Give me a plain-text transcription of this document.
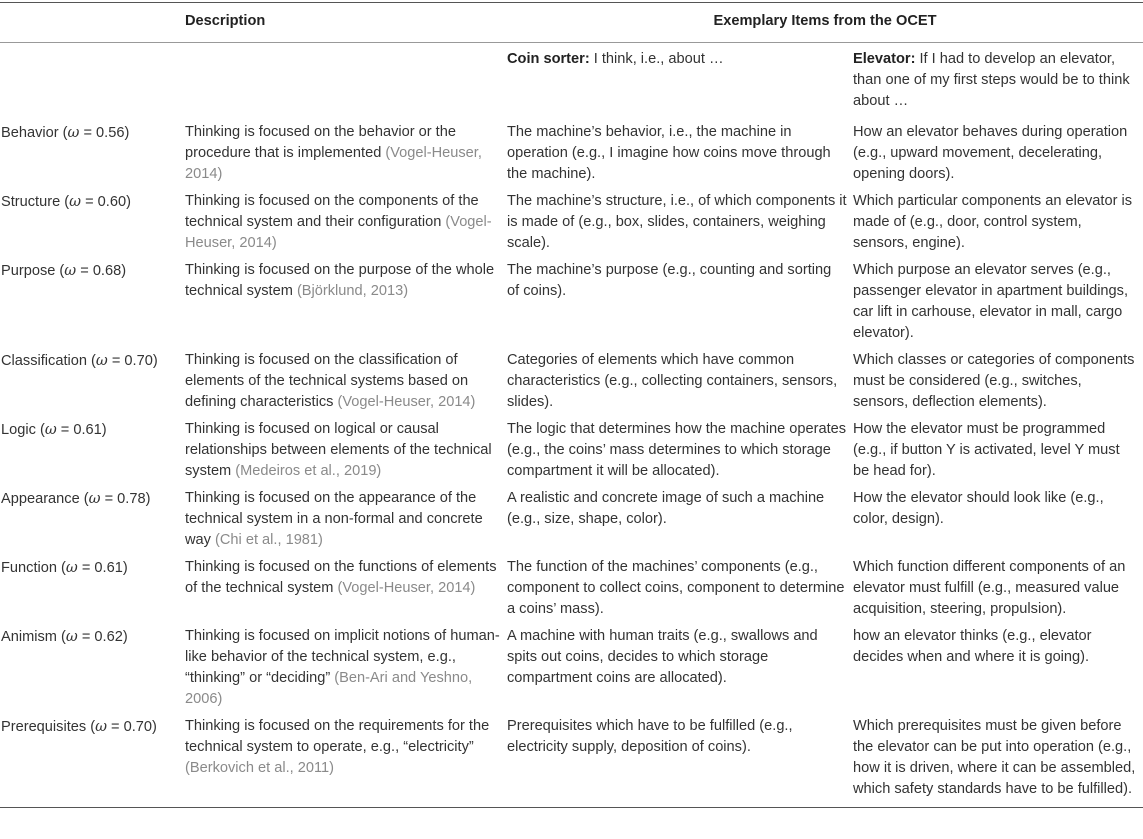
	Description	Exemplary Items from the OCET	
		Coin sorter: I think, i.e., about …	Elevator: If I had to develop an elevator, than one of my first steps would be to think about …
Behavior (ω = 0.56)	Thinking is focused on the behavior or the procedure that is implemented (Vogel-Heuser, 2014)	The machine’s behavior, i.e., the machine in operation (e.g., I imagine how coins move through the machine).	How an elevator behaves during operation (e.g., upward movement, decelerating, opening doors).
Structure (ω = 0.60)	Thinking is focused on the components of the technical system and their configuration (Vogel-Heuser, 2014)	The machine’s structure, i.e., of which components it is made of (e.g., box, slides, containers, weighing scale).	Which particular components an elevator is made of (e.g., door, control system, sensors, engine).
Purpose (ω = 0.68)	Thinking is focused on the purpose of the whole technical system (Björklund, 2013)	The machine’s purpose (e.g., counting and sorting of coins).	Which purpose an elevator serves (e.g., passenger elevator in apartment buildings, car lift in carhouse, elevator in mall, cargo elevator).
Classification (ω = 0.70)	Thinking is focused on the classification of elements of the technical systems based on defining characteristics (Vogel-Heuser, 2014)	Categories of elements which have common characteristics (e.g., collecting containers, sensors, slides).	Which classes or categories of components must be considered (e.g., switches, sensors, deflection elements).
Logic (ω = 0.61)	Thinking is focused on logical or causal relationships between elements of the technical system (Medeiros et al., 2019)	The logic that determines how the machine operates (e.g., the coins’ mass determines to which storage compartment it will be allocated).	How the elevator must be programmed (e.g., if button Y is activated, level Y must be head for).
Appearance (ω = 0.78)	Thinking is focused on the appearance of the technical system in a non-formal and concrete way (Chi et al., 1981)	A realistic and concrete image of such a machine (e.g., size, shape, color).	How the elevator should look like (e.g., color, design).
Function (ω = 0.61)	Thinking is focused on the functions of elements of the technical system (Vogel-Heuser, 2014)	The function of the machines’ components (e.g., component to collect coins, component to determine a coins’ mass).	Which function different components of an elevator must fulfill (e.g., measured value acquisition, steering, propulsion).
Animism (ω = 0.62)	Thinking is focused on implicit notions of human-like behavior of the technical system, e.g., “thinking” or “deciding” (Ben-Ari and Yeshno, 2006)	A machine with human traits (e.g., swallows and spits out coins, decides to which storage compartment coins are allocated).	how an elevator thinks (e.g., elevator decides when and where it is going).
Prerequisites (ω = 0.70)	Thinking is focused on the requirements for the technical system to operate, e.g., “electricity” (Berkovich et al., 2011)	Prerequisites which have to be fulfilled (e.g., electricity supply, deposition of coins).	Which prerequisites must be given before the elevator can be put into operation (e.g., how it is driven, where it can be assembled, which safety standards have to be fulfilled).
